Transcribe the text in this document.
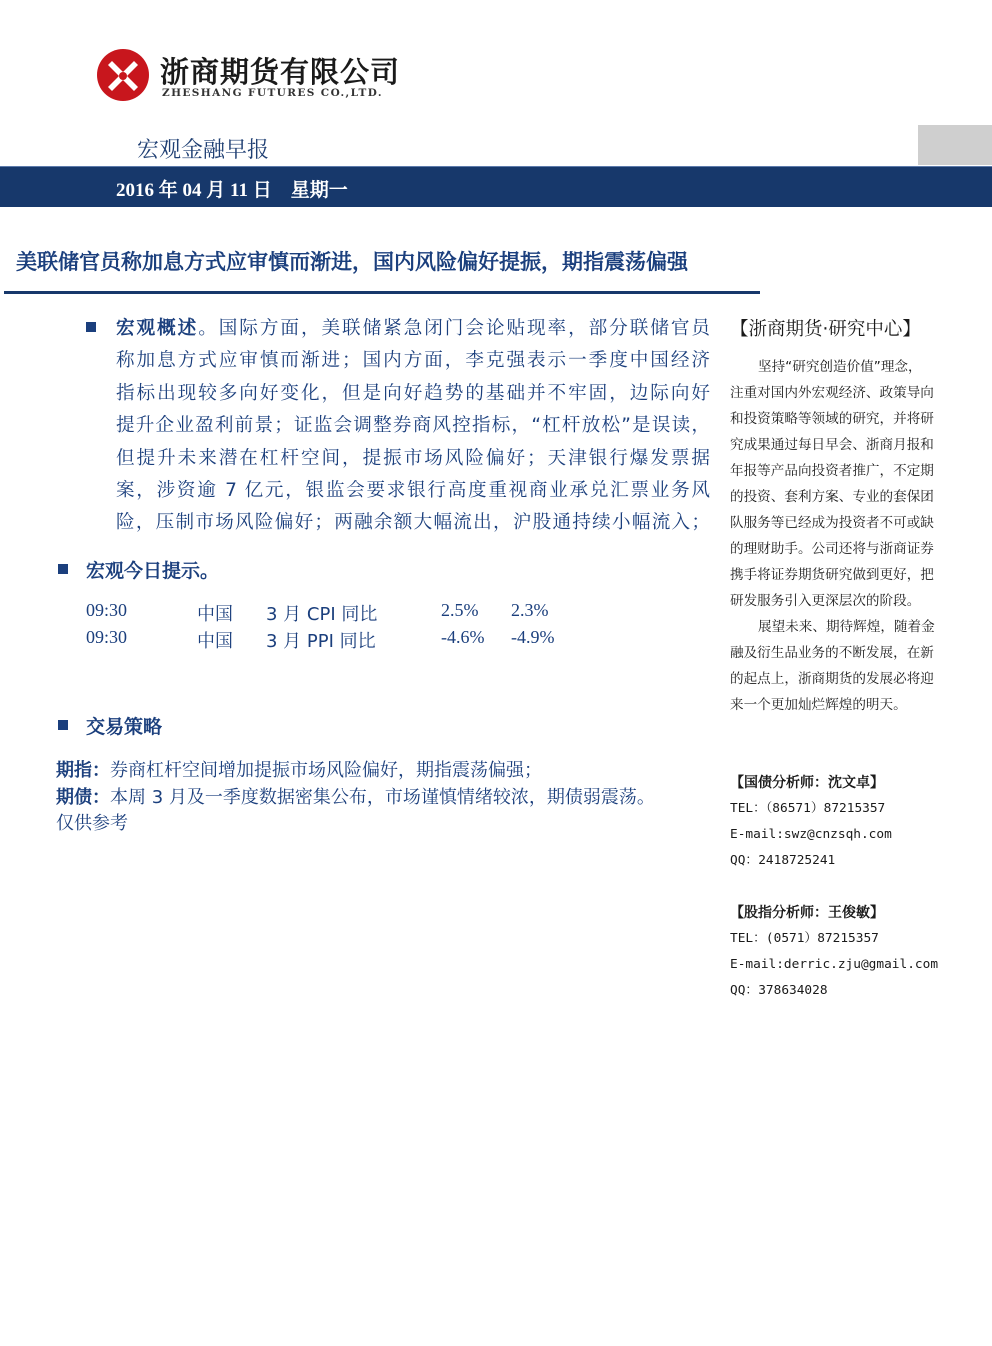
浙商期货有限公司
ZHESHANG FUTURES CO.,LTD.
宏观金融早报
2016 年 04 月 11 日　星期一
美联储官员称加息方式应审慎而渐进，国内风险偏好提振，期指震荡偏强
宏观概述。国际方面，美联储紧急闭门会论贴现率，部分联储官员
称加息方式应审慎而渐进；国内方面，李克强表示一季度中国经济
指标出现较多向好变化，但是向好趋势的基础并不牢固，边际向好
提升企业盈利前景；证监会调整券商风控指标，“杠杆放松”是误读，
但提升未来潜在杠杆空间，提振市场风险偏好；天津银行爆发票据
案，涉资逾 7 亿元，银监会要求银行高度重视商业承兑汇票业务风
险，压制市场风险偏好；两融余额大幅流出，沪股通持续小幅流入；
宏观今日提示。
09:30	中国 3 月 CPI 同比	2.5% 2.3%
09:30	中国 3 月 PPI 同比	-4.6% -4.9%
交易策略
期指：券商杠杆空间增加提振市场风险偏好，期指震荡偏强；
期债：本周 3 月及一季度数据密集公布，市场谨慎情绪较浓，期债弱震荡。
仅供参考
【浙商期货·研究中心】
坚持“研究创造价值”理念，
注重对国内外宏观经济、政策导向
和投资策略等领域的研究，并将研
究成果通过每日早会、浙商月报和
年报等产品向投资者推广，不定期
的投资、套利方案、专业的套保团
队服务等已经成为投资者不可或缺
的理财助手。公司还将与浙商证券
携手将证券期货研究做到更好，把
研发服务引入更深层次的阶段。
展望未来、期待辉煌，随着金
融及衍生品业务的不断发展，在新
的起点上，浙商期货的发展必将迎
来一个更加灿烂辉煌的明天。
【国债分析师：沈文卓】
TEL：（86571）87215357
E-mail:swz@cnzsqh.com
QQ：2418725241
【股指分析师：王俊敏】
TEL：(0571）87215357
E-mail:derric.zju@gmail.com
QQ：378634028
